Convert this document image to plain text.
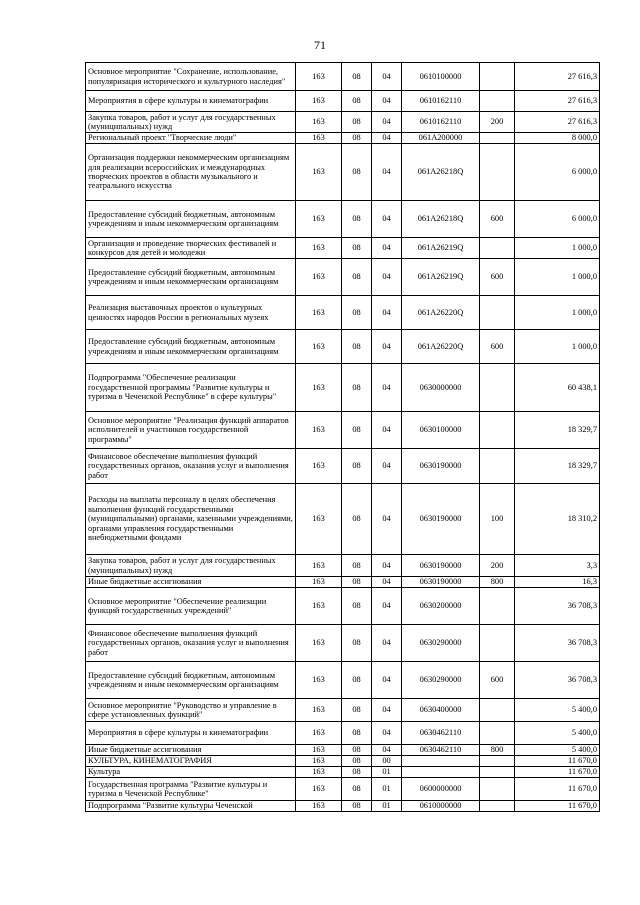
71
Основное мероприятие "Сохранение, использование, популяризация исторического и культурного наследия"	163	08	04	0610100000		27 616,3
Мероприятия в сфере культуры и кинематографии	163	08	04	0610162110		27 616,3
Закупка товаров, работ и услуг для государственных (муниципальных) нужд	163	08	04	0610162110	200	27 616,3
Региональный проект "Творческие люди"	163	08	04	061A200000		8 000,0
Организация поддержки некоммерческим организациям для реализации всероссийских и международных творческих проектов в области музыкального и театрального искусства	163	08	04	061A26218Q		6 000,0
Предоставление субсидий бюджетным, автономным учреждениям и иным некоммерческим организациям	163	08	04	061A26218Q	600	6 000,0
Организация и проведение творческих фестивалей и конкурсов для детей и молодежи	163	08	04	061A26219Q		1 000,0
Предоставление субсидий бюджетным, автономным учреждениям и иным некоммерческим организациям	163	08	04	061A26219Q	600	1 000,0
Реализация выставочных проектов о культурных ценностях народов России в региональных музеях	163	08	04	061A26220Q		1 000,0
Предоставление субсидий бюджетным, автономным учреждениям и иным некоммерческим организациям	163	08	04	061A26220Q	600	1 000,0
Подпрограмма "Обеспечение реализации государственной программы "Развитие культуры и туризма в Чеченской Республике" в сфере культуры"	163	08	04	0630000000		60 438,1
Основное мероприятие "Реализация функций аппаратов исполнителей и участников государственной программы"	163	08	04	0630100000		18 329,7
Финансовое обеспечение выполнения функций государственных органов, оказания услуг и выполнения работ	163	08	04	0630190000		18 329,7
Расходы на выплаты персоналу в целях обеспечения выполнения функций государственными (муниципальными) органами, казенными учреждениями, органами управления государственными внебюджетными фондами	163	08	04	0630190000	100	18 310,2
Закупка товаров, работ и услуг для государственных (муниципальных) нужд	163	08	04	0630190000	200	3,3
Иные бюджетные ассигнования	163	08	04	0630190000	800	16,3
Основное мероприятие "Обеспечение реализации функций государственных учреждений"	163	08	04	0630200000		36 708,3
Финансовое обеспечение выполнения функций государственных органов, оказания услуг и выполнения работ	163	08	04	0630290000		36 708,3
Предоставление субсидий бюджетным, автономным учреждениям и иным некоммерческим организациям	163	08	04	0630290000	600	36 708,3
Основное мероприятие "Руководство и управление в сфере установленных функций"	163	08	04	0630400000		5 400,0
Мероприятия в сфере культуры и кинематографии	163	08	04	0630462110		5 400,0
Иные бюджетные ассигнования	163	08	04	0630462110	800	5 400,0
КУЛЬТУРА, КИНЕМАТОГРАФИЯ	163	08	00			11 670,0
Культура	163	08	01			11 670,0
Государственная программа "Развитие культуры и туризма в Чеченской Республике"	163	08	01	0600000000		11 670,0
Подпрограмма "Развитие культуры Чеченской	163	08	01	0610000000		11 670,0
